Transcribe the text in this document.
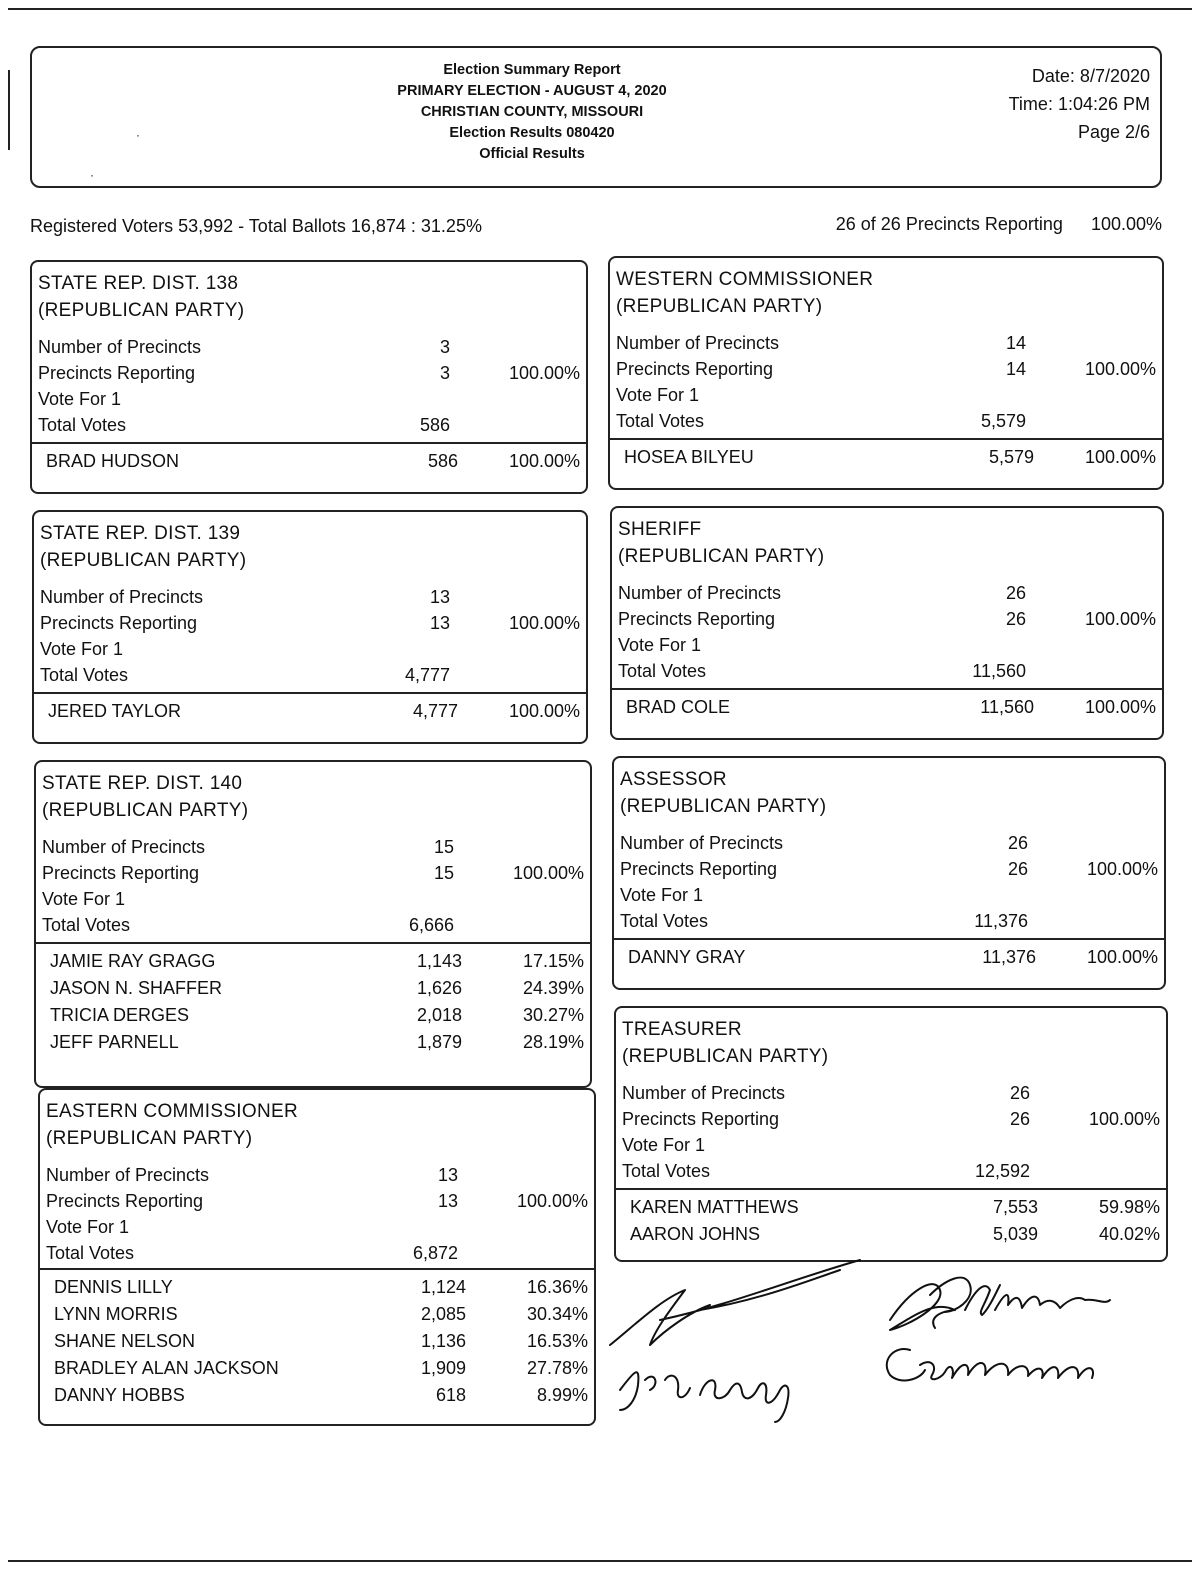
Election Summary Report
PRIMARY ELECTION - AUGUST 4, 2020
CHRISTIAN COUNTY, MISSOURI
Election Results 080420
Official Results
Date: 8/7/2020
Time: 1:04:26 PM
Page 2/6
·
·
Registered Voters 53,992 - Total Ballots 16,874 : 31.25%	26 of 26 Precincts Reporting 100.00%
STATE REP. DIST. 138
(REPUBLICAN PARTY)
Number of Precincts	3
Precincts Reporting	3	100.00%
Vote For 1
Total Votes	586
BRAD HUDSON	586	100.00%
STATE REP. DIST. 139
(REPUBLICAN PARTY)
Number of Precincts	13
Precincts Reporting	13	100.00%
Vote For 1
Total Votes	4,777
JERED TAYLOR	4,777	100.00%
STATE REP. DIST. 140
(REPUBLICAN PARTY)
Number of Precincts	15
Precincts Reporting	15	100.00%
Vote For 1
Total Votes	6,666
JAMIE RAY GRAGG	1,143	17.15%
JASON N. SHAFFER	1,626	24.39%
TRICIA DERGES	2,018	30.27%
JEFF PARNELL	1,879	28.19%
EASTERN COMMISSIONER
(REPUBLICAN PARTY)
Number of Precincts	13
Precincts Reporting	13	100.00%
Vote For 1
Total Votes	6,872
DENNIS LILLY	1,124	16.36%
LYNN MORRIS	2,085	30.34%
SHANE NELSON	1,136	16.53%
BRADLEY ALAN JACKSON	1,909	27.78%
DANNY HOBBS	618	8.99%
WESTERN COMMISSIONER
(REPUBLICAN PARTY)
Number of Precincts	14
Precincts Reporting	14	100.00%
Vote For 1
Total Votes	5,579
HOSEA BILYEU	5,579	100.00%
SHERIFF
(REPUBLICAN PARTY)
Number of Precincts	26
Precincts Reporting	26	100.00%
Vote For 1
Total Votes	11,560
BRAD COLE	11,560	100.00%
ASSESSOR
(REPUBLICAN PARTY)
Number of Precincts	26
Precincts Reporting	26	100.00%
Vote For 1
Total Votes	11,376
DANNY GRAY	11,376	100.00%
TREASURER
(REPUBLICAN PARTY)
Number of Precincts	26
Precincts Reporting	26	100.00%
Vote For 1
Total Votes	12,592
KAREN MATTHEWS	7,553	59.98%
AARON JOHNS	5,039	40.02%
